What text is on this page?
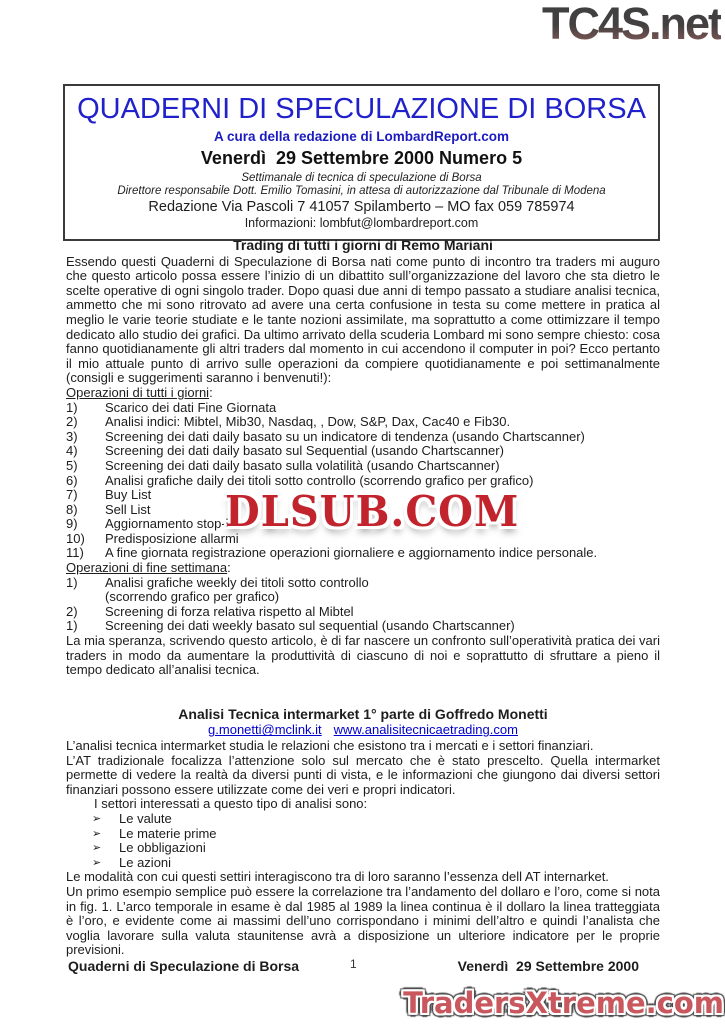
TC4S.net
QUADERNI DI SPECULAZIONE DI BORSA
A cura della redazione di LombardReport.com
Venerdì  29 Settembre 2000 Numero 5
Settimanale di tecnica di speculazione di Borsa
Direttore responsabile Dott. Emilio Tomasini, in attesa di autorizzazione dal Tribunale di Modena
Redazione Via Pascoli 7 41057 Spilamberto – MO fax 059 785974
Informazioni: lombfut@lombardreport.com
Trading di tutti i giorni di Remo Mariani
Essendo questi Quaderni di Speculazione di Borsa nati come punto di incontro tra traders mi auguro che questo articolo possa essere l’inizio di un dibattito sull’organizzazione del lavoro che sta dietro le scelte operative di ogni singolo trader. Dopo quasi due anni di tempo passato a studiare analisi tecnica, ammetto che mi sono ritrovato ad avere una certa confusione in testa su come mettere in pratica al meglio le varie teorie studiate e le tante nozioni assimilate, ma soprattutto a come ottimizzare il tempo dedicato allo studio dei grafici. Da ultimo arrivato della scuderia Lombard mi sono sempre chiesto: cosa fanno quotidianamente gli altri traders dal momento in cui accendono il computer in poi? Ecco pertanto il mio attuale punto di arrivo sulle operazioni da compiere quotidianamente e poi settimanalmente (consigli e suggerimenti saranno i benvenuti!):
Operazioni di tutti i giorni:
1)	Scarico dei dati Fine Giornata
2)	Analisi indici: Mibtel, Mib30, Nasdaq, , Dow, S&P, Dax, Cac40 e Fib30.
3)	Screening dei dati daily basato su un indicatore di tendenza (usando Chartscanner)
4)	Screening dei dati daily basato sul Sequential (usando Chartscanner)
5)	Screening dei dati daily basato sulla volatilità (usando Chartscanner)
6)	Analisi grafiche daily dei titoli sotto controllo (scorrendo grafico per grafico)
7)	Buy List
8)	Sell List
9)	Aggiornamento stop-loss
10)	Predisposizione allarmi
11)	A fine giornata registrazione operazioni giornaliere e aggiornamento indice personale.
Operazioni di fine settimana:
1)	Analisi grafiche weekly dei titoli sotto controllo
(scorrendo grafico per grafico)
2)	Screening di forza relativa rispetto al Mibtel
1)	Screening dei dati weekly basato sul sequential (usando Chartscanner)
La mia speranza, scrivendo questo articolo, è di far nascere un confronto sull’operatività pratica dei vari traders in modo da aumentare la produttività di ciascuno di noi e soprattutto di sfruttare a pieno il tempo dedicato all’analisi tecnica.
Analisi Tecnica intermarket 1° parte di Goffredo Monetti
g.monetti@mclink.it www.analisitecnicaetrading.com
L’analisi tecnica intermarket studia le relazioni che esistono tra i mercati e i settori finanziari.
L’AT tradizionale focalizza l’attenzione solo sul mercato che è stato prescelto. Quella intermarket permette di vedere la realtà da diversi punti di vista, e le informazioni che giungono dai diversi settori finanziari possono essere utilizzate come dei veri e propri indicatori.
I settori interessati a questo tipo di analisi sono:
➢	Le valute
➢	Le materie prime
➢	Le obbligazioni
➢	Le azioni
Le modalità con cui questi settiri interagiscono tra di loro saranno l’essenza dell AT internarket.
Un primo esempio semplice può essere la correlazione tra l’andamento del dollaro e l’oro, come si nota in fig. 1. L’arco temporale in esame è dal 1985 al 1989 la linea continua è il dollaro la linea tratteggiata è l’oro, e evidente come ai massimi dell’uno corrispondano i minimi dell’altro e quindi l’analista che voglia lavorare sulla valuta staunitense avrà a disposizione un ulteriore indicatore per le proprie previsioni.
DLSUB.COM
Quaderni di Speculazione di Borsa	1	Venerdì  29 Settembre 2000
TradersXtreme.com
